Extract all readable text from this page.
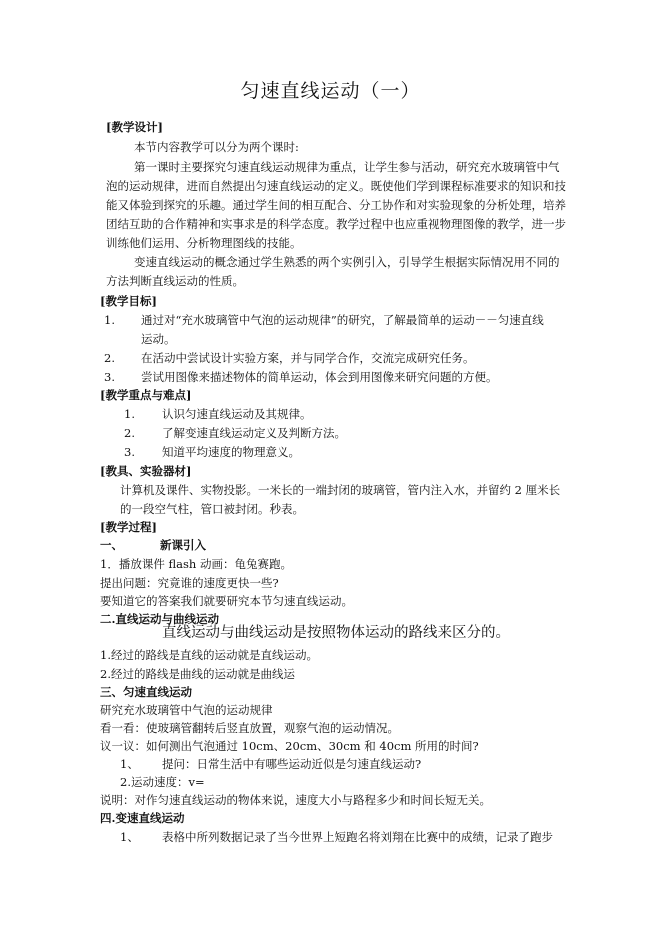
匀速直线运动（一）
[教学设计]
本节内容教学可以分为两个课时:
第一课时主要探究匀速直线运动规律为重点，让学生参与活动，研究充水玻璃管中气
泡的运动规律，进而自然提出匀速直线运动的定义。既使他们学到课程标准要求的知识和技
能又体验到探究的乐趣。通过学生间的相互配合、分工协作和对实验现象的分析处理，培养
团结互助的合作精神和实事求是的科学态度。教学过程中也应重视物理图像的教学，进一步
训练他们运用、分析物理图线的技能。
变速直线运动的概念通过学生熟悉的两个实例引入，引导学生根据实际情况用不同的
方法判断直线运动的性质。
[教学目标]
1. 通过对“充水玻璃管中气泡的运动规律”的研究，了解最简单的运动－－匀速直线
运动。
2. 在活动中尝试设计实验方案，并与同学合作，交流完成研究任务。
3. 尝试用图像来描述物体的简单运动，体会到用图像来研究问题的方便。
[教学重点与难点]
1. 认识匀速直线运动及其规律。
2. 了解变速直线运动定义及判断方法。
3. 知道平均速度的物理意义。
[教具、实验器材]
计算机及课件、实物投影。一米长的一端封闭的玻璃管，管内注入水，并留约 2 厘米长
的一段空气柱，管口被封闭。秒表。
[教学过程]
一、	新课引入
1．播放课件 flash 动画：龟兔赛跑。
提出问题：究竟谁的速度更快一些?
要知道它的答案我们就要研究本节匀速直线运动。
二.直线运动与曲线运动
直线运动与曲线运动是按照物体运动的路线来区分的。
1.经过的路线是直线的运动就是直线运动。
2.经过的路线是曲线的运动就是曲线运
三、匀速直线运动
研究充水玻璃管中气泡的运动规律
看一看：使玻璃管翻转后竖直放置，观察气泡的运动情况。
议一议：如何测出气泡通过 10cm、20cm、30cm 和 40cm 所用的时间?
1、 提问：日常生活中有哪些运动近似是匀速直线运动?
2.运动速度：v=
说明：对作匀速直线运动的物体来说，速度大小与路程多少和时间长短无关。
四.变速直线运动
1、 表格中所列数据记录了当今世界上短跑名将刘翔在比赛中的成绩，记录了跑步
